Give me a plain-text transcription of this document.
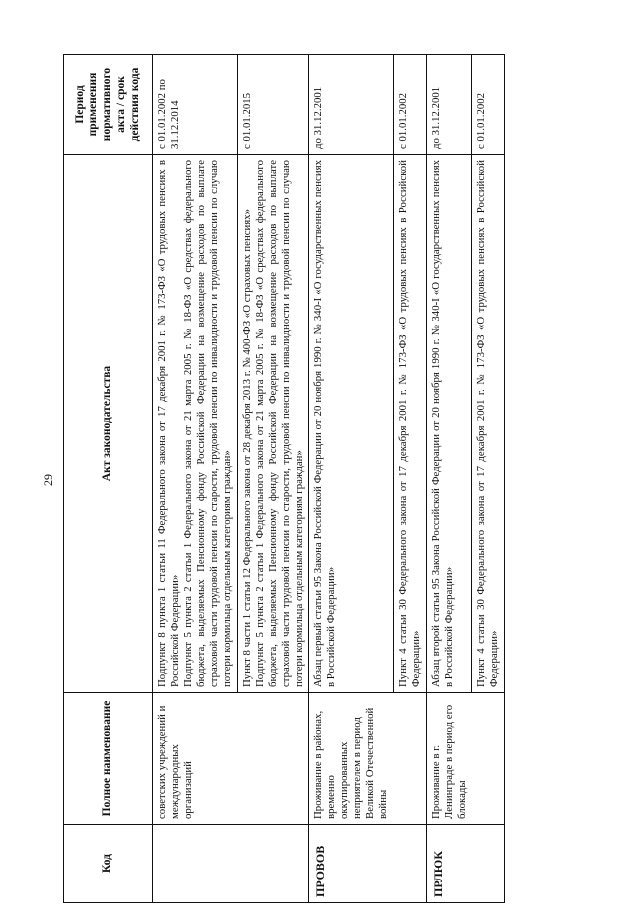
29
Код	Полное наименование	Акт законодательства	Период применения нормативного акта / срок действия кода
	советских учреждений и международных организаций	Подпункт 8 пункта 1 статьи 11 Федерального закона от 17 декабря 2001 г. № 173-ФЗ «О трудовых пенсиях в Российской Федерации» Подпункт 5 пункта 2 статьи 1 Федерального закона от 21 марта 2005 г. № 18-ФЗ «О средствах федерального бюджета, выделяемых Пенсионному фонду Российской Федерации на возмещение расходов по выплате страховой части трудовой пенсии по старости, трудовой пенсии по инвалидности и трудовой пенсии по случаю потери кормильца отдельным категориям граждан»	с 01.01.2002 по 31.12.2014

		Пункт 8 части 1 статьи 12 Федерального закона от 28 декабря 2013 г. № 400-ФЗ «О страховых пенсиях» Подпункт 5 пункта 2 статьи 1 Федерального закона от 21 марта 2005 г. № 18-ФЗ «О средствах федерального бюджета, выделяемых Пенсионному фонду Российской Федерации на возмещение расходов по выплате страховой части трудовой пенсии по старости, трудовой пенсии по инвалидности и трудовой пенсии по случаю потери кормильца отдельным категориям граждан»	с 01.01.2015
ПРОВОВ	Проживание в районах, временно оккупированных неприятелем в период Великой Отечественной войны	Абзац первый статьи 95 Закона Российской Федерации от 20 ноября 1990 г. № 340-I «О государственных пенсиях в Российской Федерации»	до 31.12.2001

		Пункт 4 статьи 30 Федерального закона от 17 декабря 2001 г. № 173-ФЗ «О трудовых пенсиях в Российской Федерации»	с 01.01.2002
ПРЛЮК	Проживание в г. Ленинграде в период его блокады	Абзац второй статьи 95 Закона Российской Федерации от 20 ноября 1990 г. № 340-I «О государственных пенсиях в Российской Федерации»	до 31.12.2001

		Пункт 4 статьи 30 Федерального закона от 17 декабря 2001 г. № 173-ФЗ «О трудовых пенсиях в Российской Федерации»	с 01.01.2002
